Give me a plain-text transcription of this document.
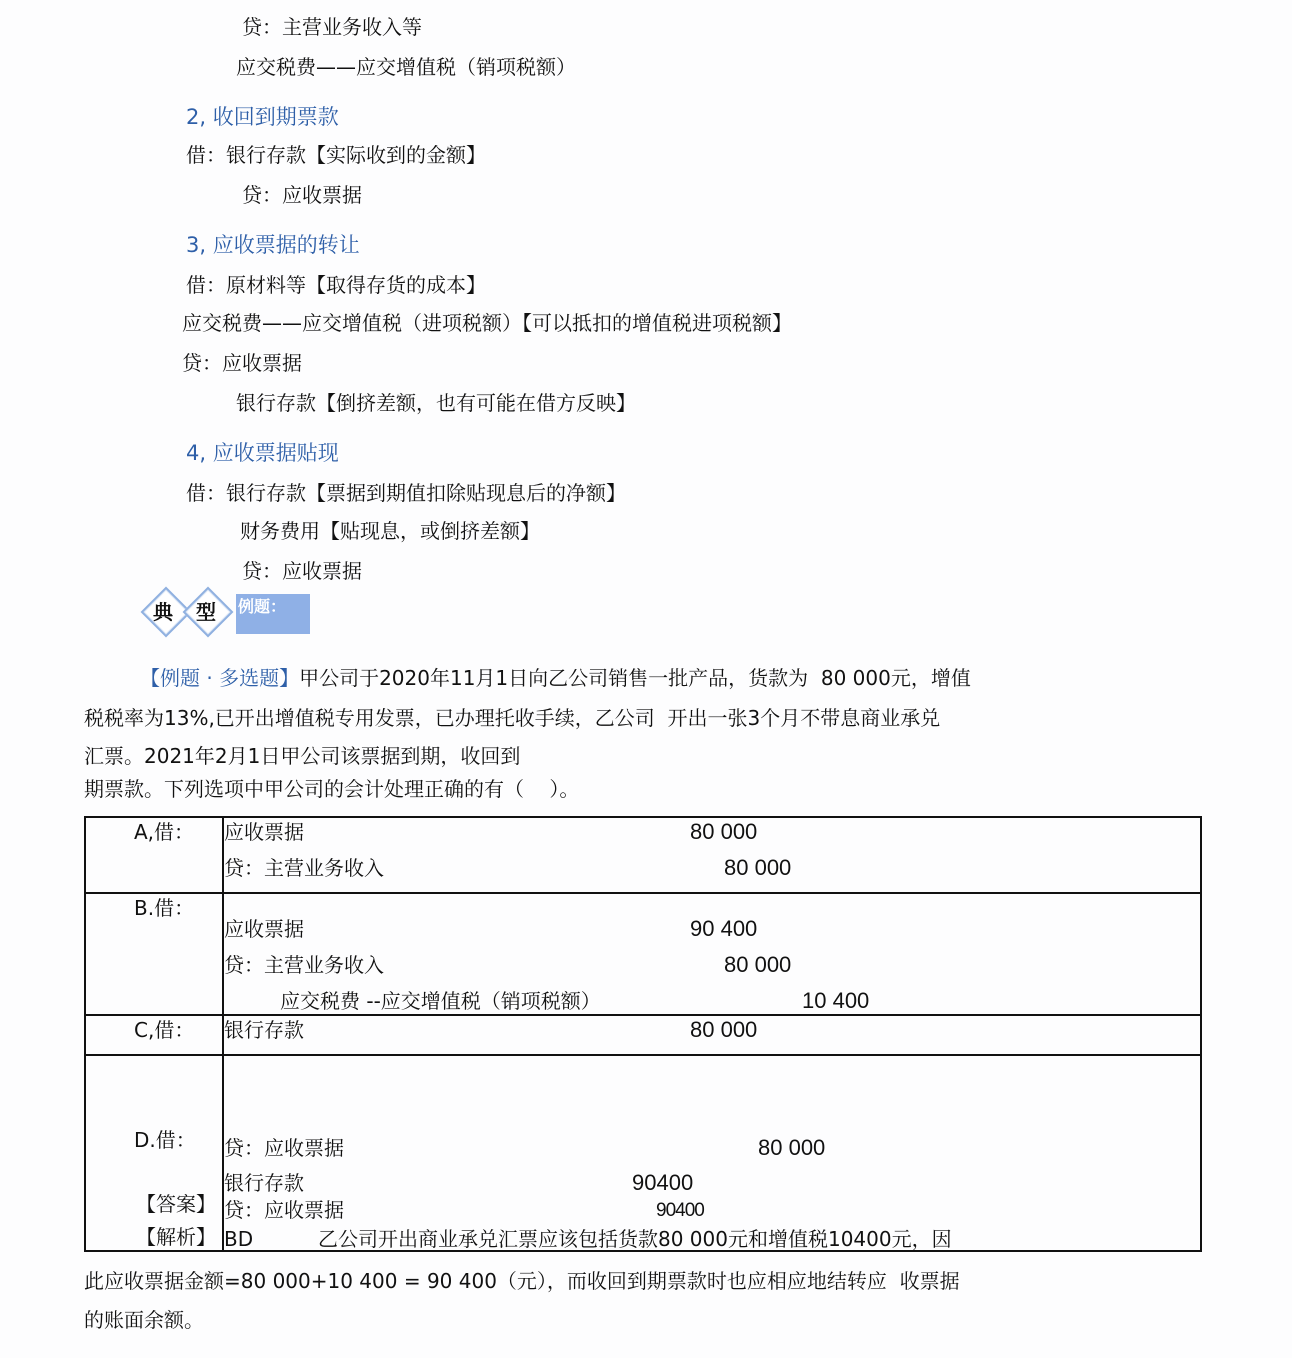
贷：主营业务收入等
应交税费——应交增值税（销项税额）
2, 收回到期票款
借：银行存款【实际收到的金额】
贷：应收票据
3, 应收票据的转让
借：原材料等【取得存货的成本】
应交税费——应交增值税（进项税额）【可以抵扣的增值税进项税额】
贷：应收票据
银行存款【倒挤差额，也有可能在借方反映】
4, 应收票据贴现
借：银行存款【票据到期值扣除贴现息后的净额】
财务费用【贴现息，或倒挤差额】
贷：应收票据
例题：
典 型
【例题 · 多选题】甲公司于2020年11月1日向乙公司销售一批产品，货款为  80 000元，增值
税税率为13%,已开出增值税专用发票，已办理托收手续，乙公司  开出一张3个月不带息商业承兑
汇票。2021年2月1日甲公司该票据到期，收回到
期票款。下列选项中甲公司的会计处理正确的有（    ）。
A,借： 应收票据	80 000
贷：主营业务收入	80 000
B.借：
应收票据	90 400
贷：主营业务收入	80 000
应交税费 --应交增值税（销项税额）	10 400
C,借： 银行存款	80 000
D.借： 贷：应收票据	80 000
银行存款	90400
【答案】 贷：应收票据	90400
【解析】 BD	乙公司开出商业承兑汇票应该包括货款80 000元和增值税10400元，因
此应收票据金额=80 000+10 400 = 90 400（元），而收回到期票款时也应相应地结转应  收票据
的账面余额。
